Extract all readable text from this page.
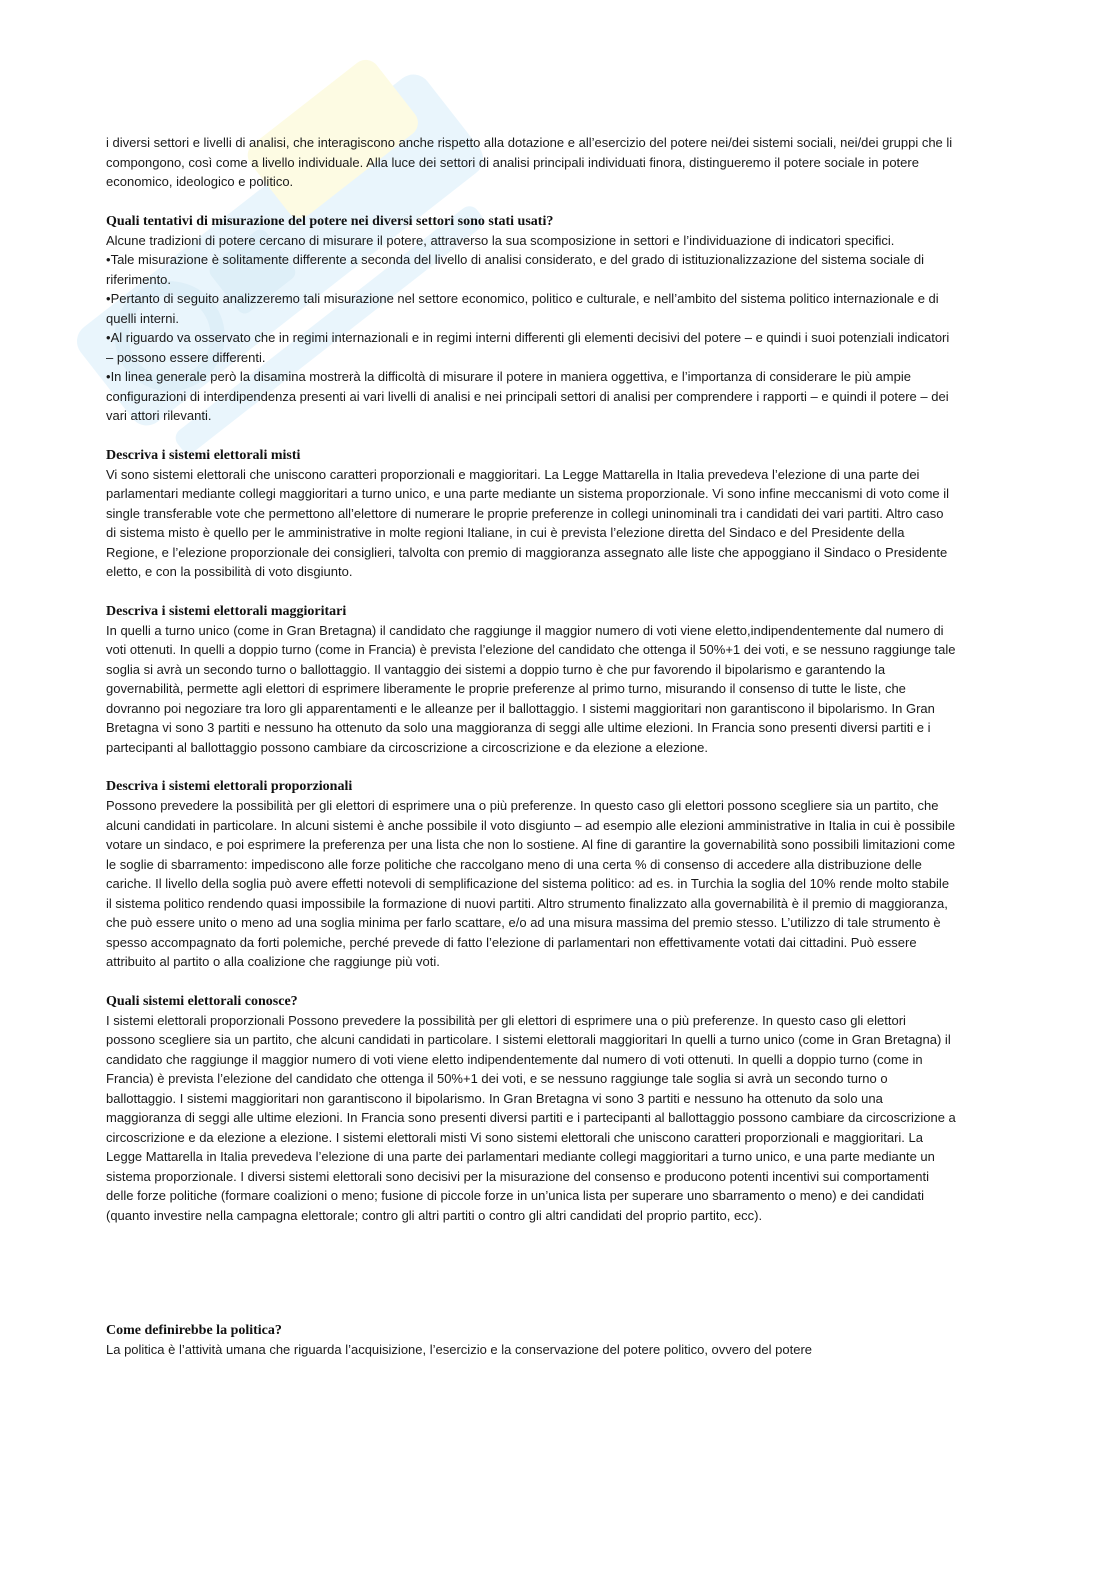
i diversi settori e livelli di analisi, che interagiscono anche rispetto alla dotazione e all’esercizio del potere nei/dei sistemi sociali, nei/dei gruppi che li compongono, così come a livello individuale. Alla luce dei settori di analisi principali individuati finora, distingueremo il potere sociale in potere economico, ideologico e politico.

Quali tentativi di misurazione del potere nei diversi settori sono stati usati?

Alcune tradizioni di potere cercano di misurare il potere, attraverso la sua scomposizione in settori e l’individuazione di indicatori specifici.

• Tale misurazione è solitamente differente a seconda del livello di analisi considerato, e del grado di istituzionalizzazione del sistema sociale di riferimento.
• Pertanto di seguito analizzeremo tali misurazione nel settore economico, politico e culturale, e nell’ambito del sistema politico internazionale e di quelli interni.
• Al riguardo va osservato che in regimi internazionali e in regimi interni differenti gli elementi decisivi del potere – e quindi i suoi potenziali indicatori – possono essere differenti.
• In linea generale però la disamina mostrerà la difficoltà di misurare il potere in maniera oggettiva, e l’importanza di considerare le più ampie configurazioni di interdipendenza presenti ai vari livelli di analisi e nei principali settori di analisi per comprendere i rapporti – e quindi il potere – dei vari attori rilevanti.
Descriva i sistemi elettorali misti

Vi sono sistemi elettorali che uniscono caratteri proporzionali e maggioritari. La Legge Mattarella in Italia prevedeva l’elezione di una parte dei parlamentari mediante collegi maggioritari a turno unico, e una parte mediante un sistema proporzionale. Vi sono infine meccanismi di voto come il single transferable vote che permettono all’elettore di numerare le proprie preferenze in collegi uninominali tra i candidati dei vari partiti. Altro caso di sistema misto è quello per le amministrative in molte regioni Italiane, in cui è prevista l’elezione diretta del Sindaco e del Presidente della Regione, e l’elezione proporzionale dei consiglieri, talvolta con premio di maggioranza assegnato alle liste che appoggiano il Sindaco o Presidente eletto, e con la possibilità di voto disgiunto.

Descriva i sistemi elettorali maggioritari

In quelli a turno unico (come in Gran Bretagna) il candidato che raggiunge il maggior numero di voti viene eletto,indipendentemente dal numero di voti ottenuti. In quelli a doppio turno (come in Francia) è prevista l’elezione del candidato che ottenga il 50%+1 dei voti, e se nessuno raggiunge tale soglia si avrà un secondo turno o ballottaggio. Il vantaggio dei sistemi a doppio turno è che pur favorendo il bipolarismo e garantendo la governabilità, permette agli elettori di esprimere liberamente le proprie preferenze al primo turno, misurando il consenso di tutte le liste, che dovranno poi negoziare tra loro gli apparentamenti e le alleanze per il ballottaggio. I sistemi maggioritari non garantiscono il bipolarismo. In Gran Bretagna vi sono 3 partiti e nessuno ha ottenuto da solo una maggioranza di seggi alle ultime elezioni. In Francia sono presenti diversi partiti e i partecipanti al ballottaggio possono cambiare da circoscrizione a circoscrizione e da elezione a elezione.

Descriva i sistemi elettorali proporzionali

Possono prevedere la possibilità per gli elettori di esprimere una o più preferenze. In questo caso gli elettori possono scegliere sia un partito, che alcuni candidati in particolare. In alcuni sistemi è anche possibile il voto disgiunto – ad esempio alle elezioni amministrative in Italia in cui è possibile votare un sindaco, e poi esprimere la preferenza per una lista che non lo sostiene. Al fine di garantire la governabilità sono possibili limitazioni come le soglie di sbarramento: impediscono alle forze politiche che raccolgano meno di una certa % di consenso di accedere alla distribuzione delle cariche. Il livello della soglia può avere effetti notevoli di semplificazione del sistema politico: ad es. in Turchia la soglia del 10% rende molto stabile il sistema politico rendendo quasi impossibile la formazione di nuovi partiti. Altro strumento finalizzato alla governabilità è il premio di maggioranza, che può essere unito o meno ad una soglia minima per farlo scattare, e/o ad una misura massima del premio stesso. L’utilizzo di tale strumento è spesso accompagnato da forti polemiche, perché prevede di fatto l’elezione di parlamentari non effettivamente votati dai cittadini. Può essere attribuito al partito o alla coalizione che raggiunge più voti.

Quali sistemi elettorali conosce?

I sistemi elettorali proporzionali Possono prevedere la possibilità per gli elettori di esprimere una o più preferenze. In questo caso gli elettori possono scegliere sia un partito, che alcuni candidati in particolare. I sistemi elettorali maggioritari In quelli a turno unico (come in Gran Bretagna) il candidato che raggiunge il maggior numero di voti viene eletto indipendentemente dal numero di voti ottenuti. In quelli a doppio turno (come in Francia) è prevista l’elezione del candidato che ottenga il 50%+1 dei voti, e se nessuno raggiunge tale soglia si avrà un secondo turno o ballottaggio. I sistemi maggioritari non garantiscono il bipolarismo. In Gran Bretagna vi sono 3 partiti e nessuno ha ottenuto da solo una maggioranza di seggi alle ultime elezioni. In Francia sono presenti diversi partiti e i partecipanti al ballottaggio possono cambiare da circoscrizione a circoscrizione e da elezione a elezione. I sistemi elettorali misti Vi sono sistemi elettorali che uniscono caratteri proporzionali e maggioritari. La Legge Mattarella in Italia prevedeva l’elezione di una parte dei parlamentari mediante collegi maggioritari a turno unico, e una parte mediante un sistema proporzionale. I diversi sistemi elettorali sono decisivi per la misurazione del consenso e producono potenti incentivi sui comportamenti delle forze politiche (formare coalizioni o meno; fusione di piccole forze in un’unica lista per superare uno sbarramento o meno) e dei candidati (quanto investire nella campagna elettorale; contro gli altri partiti o contro gli altri candidati del proprio partito, ecc).

Come definirebbe la politica?

La politica è l’attività umana che riguarda l’acquisizione, l’esercizio e la conservazione del potere politico, ovvero del potere
